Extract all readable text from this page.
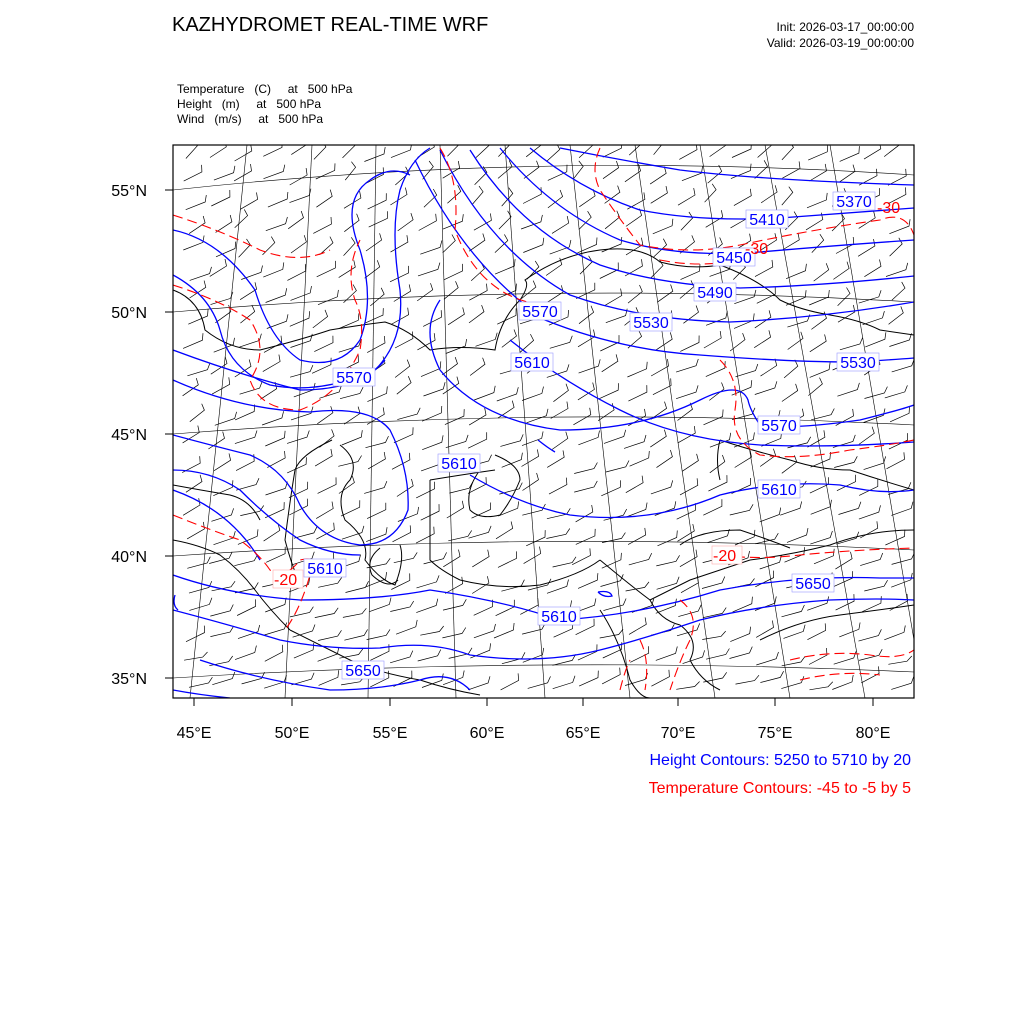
KAZHYDROMET REAL-TIME WRF	Init: 2026-03-17_00:00:00
Valid: 2026-03-19_00:00:00
Temperature   (C)     at   500 hPa
Height   (m)     at   500 hPa
Wind   (m/s)     at   500 hPa
55°N
50°N
45°N
40°N
35°N
45°E	50°E	55°E	60°E	65°E	70°E	75°E	80°E
5370
5410
5450
5490
5530
5570
5610	5530
5570
5610
5570
5610
5610
5650
5610
5650
-30
-30
-20
-20
Height Contours: 5250 to 5710 by 20
Temperature Contours: -45 to -5 by 5
